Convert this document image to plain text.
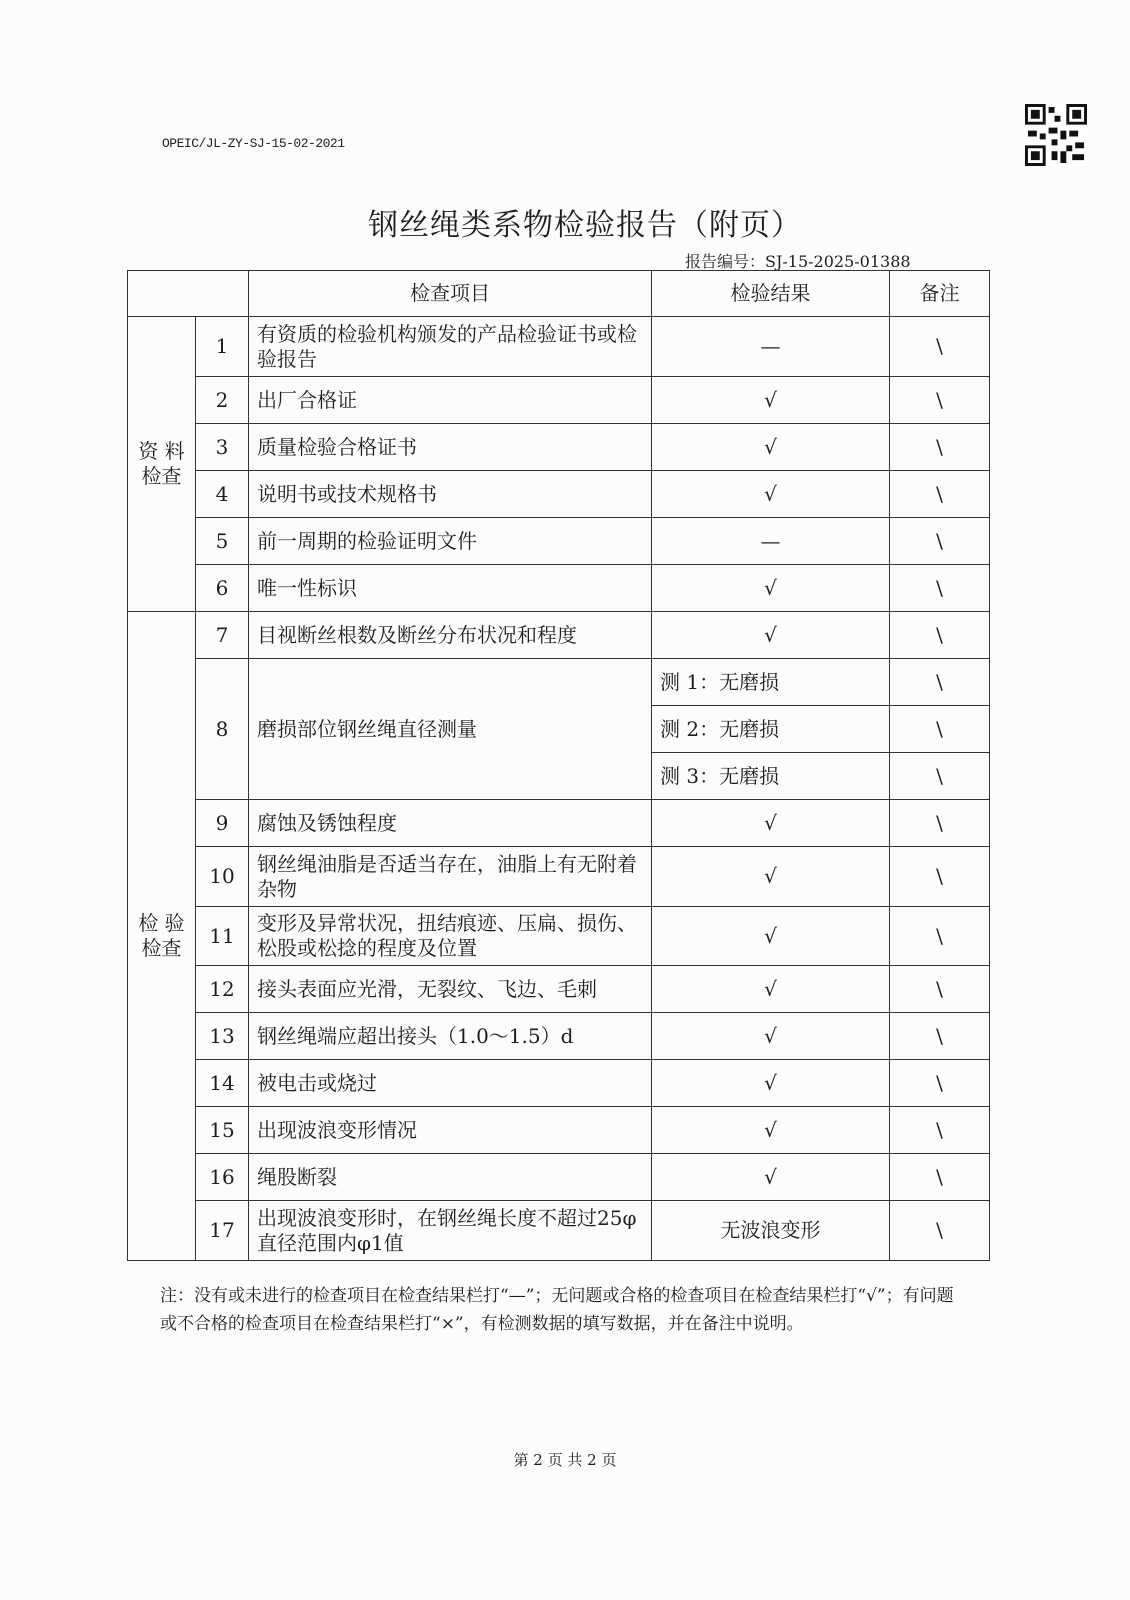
OPEIC/JL-ZY-SJ-15-02-2021
钢丝绳类系物检验报告（附页）
报告编号：SJ-15-2025-01388
		检查项目	检验结果	备注
资 料
检查	1	有资质的检验机构颁发的产品检验证书或检验报告	—	\
	2	出厂合格证	√	\
	3	质量检验合格证书	√	\
	4	说明书或技术规格书	√	\
	5	前一周期的检验证明文件	—	\
	6	唯一性标识	√	\
检 验
检查	7	目视断丝根数及断丝分布状况和程度	√	\
	8	磨损部位钢丝绳直径测量	测 1：无磨损	\
			测 2：无磨损	\
			测 3：无磨损	\
	9	腐蚀及锈蚀程度	√	\
	10	钢丝绳油脂是否适当存在，油脂上有无附着杂物	√	\
	11	变形及异常状况，扭结痕迹、压扁、损伤、松股或松捻的程度及位置	√	\
	12	接头表面应光滑，无裂纹、飞边、毛刺	√	\
	13	钢丝绳端应超出接头（1.0～1.5）d	√	\
	14	被电击或烧过	√	\
	15	出现波浪变形情况	√	\
	16	绳股断裂	√	\
	17	出现波浪变形时，在钢丝绳长度不超过25φ直径范围内φ1值	无波浪变形	\
注：没有或未进行的检查项目在检查结果栏打“—”；无问题或合格的检查项目在检查结果栏打“√”；有问题或不合格的检查项目在检查结果栏打“×”，有检测数据的填写数据，并在备注中说明。
第 2 页 共 2 页
